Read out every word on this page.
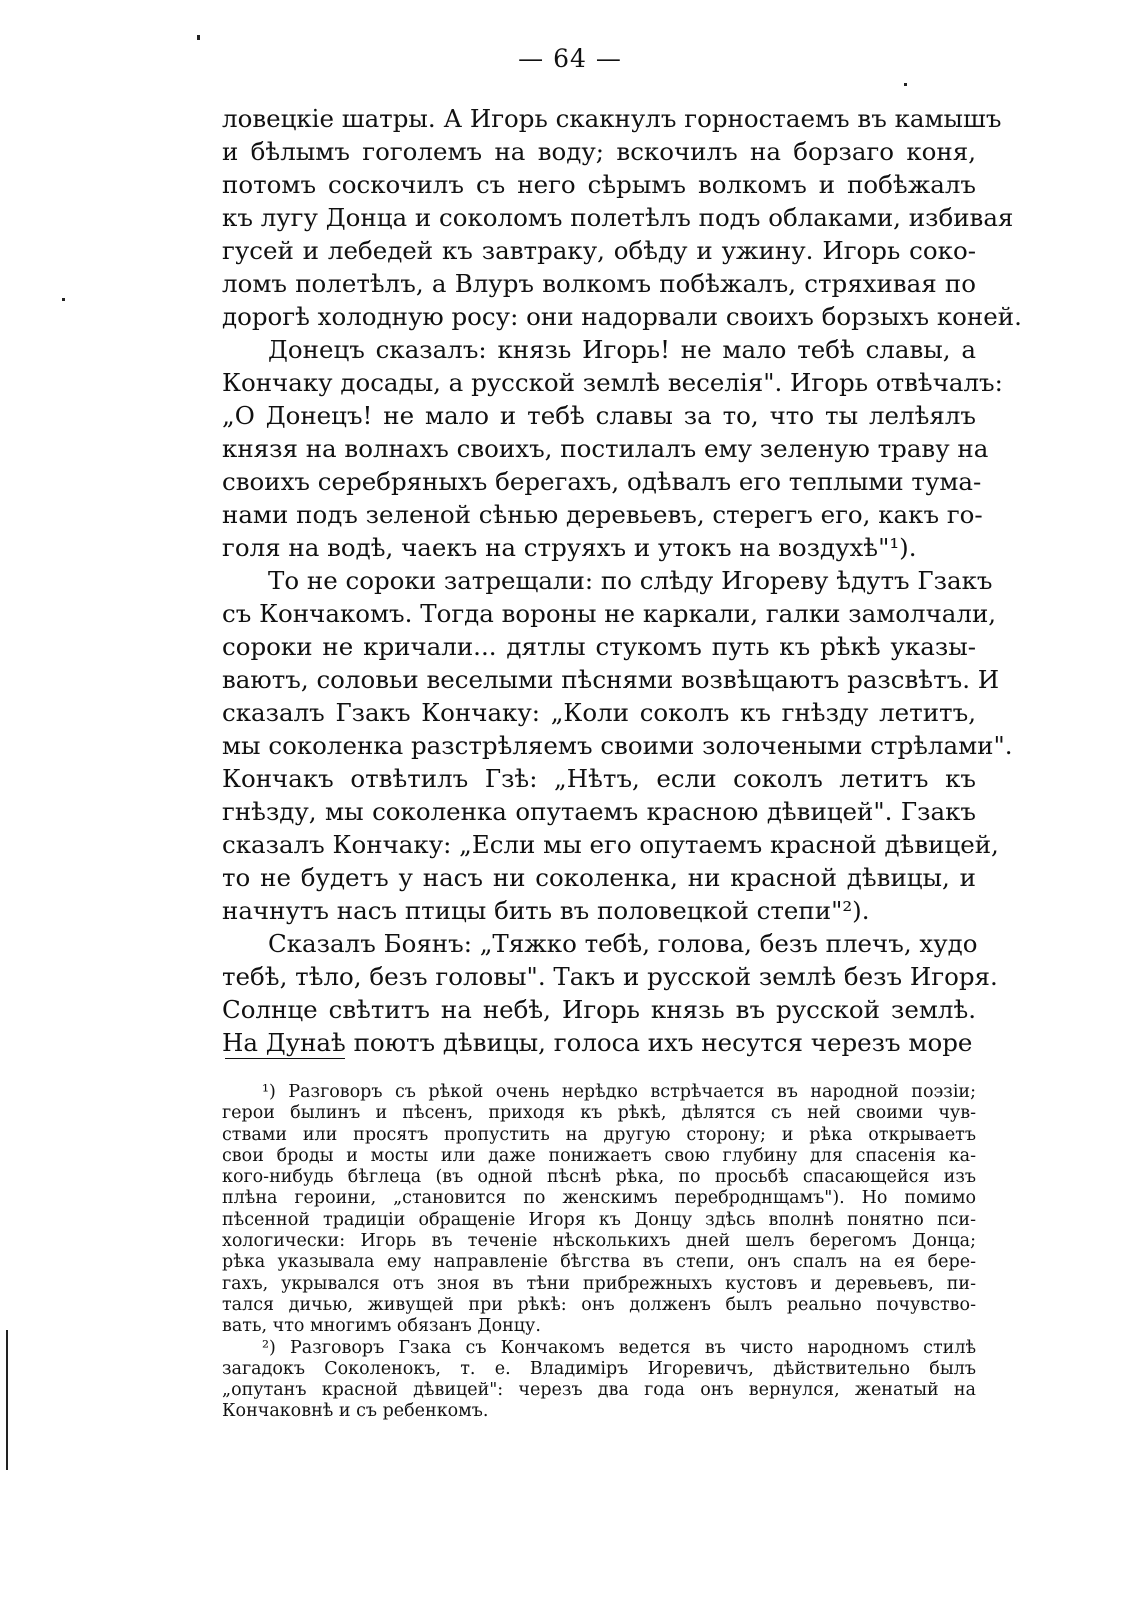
— 64 —
ловецкіе шатры. А Игорь скакнулъ горностаемъ въ камышъ
и бѣлымъ гоголемъ на воду; вскочилъ на борзаго коня,
потомъ соскочилъ съ него сѣрымъ волкомъ и побѣжалъ
къ лугу Донца и соколомъ полетѣлъ подъ облаками, избивая
гусей и лебедей къ завтраку, обѣду и ужину. Игорь соко-
ломъ полетѣлъ, а Влуръ волкомъ побѣжалъ, стряхивая по
дорогѣ холодную росу: они надорвали своихъ борзыхъ коней.
Донецъ сказалъ: князь Игорь! не мало тебѣ славы, а
Кончаку досады, а русской землѣ веселія". Игорь отвѣчалъ:
„О Донецъ! не мало и тебѣ славы за то, что ты лелѣялъ
князя на волнахъ своихъ, постилалъ ему зеленую траву на
своихъ серебряныхъ берегахъ, одѣвалъ его теплыми тума-
нами подъ зеленой сѣнью деревьевъ, стерегъ его, какъ го-
голя на водѣ, чаекъ на струяхъ и утокъ на воздухѣ"¹).
То не сороки затрещали: по слѣду Игореву ѣдутъ Гзакъ
съ Кончакомъ. Тогда вороны не каркали, галки замолчали,
сороки не кричали... дятлы стукомъ путь къ рѣкѣ указы-
ваютъ, соловьи веселыми пѣснями возвѣщаютъ разсвѣтъ. И
сказалъ Гзакъ Кончаку: „Коли соколъ къ гнѣзду летитъ,
мы соколенка разстрѣляемъ своими золочеными стрѣлами".
Кончакъ отвѣтилъ Гзѣ: „Нѣтъ, если соколъ летитъ къ
гнѣзду, мы соколенка опутаемъ красною дѣвицей". Гзакъ
сказалъ Кончаку: „Если мы его опутаемъ красной дѣвицей,
то не будетъ у насъ ни соколенка, ни красной дѣвицы, и
начнутъ насъ птицы бить въ половецкой степи"²).
Сказалъ Боянъ: „Тяжко тебѣ, голова, безъ плечъ, худо
тебѣ, тѣло, безъ головы". Такъ и русской землѣ безъ Игоря.
Солнце свѣтитъ на небѣ, Игорь князь въ русской землѣ.
На Дунаѣ поютъ дѣвицы, голоса ихъ несутся черезъ море
¹) Разговоръ съ рѣкой очень нерѣдко встрѣчается въ народной поэзіи;
герои былинъ и пѣсенъ, приходя къ рѣкѣ, дѣлятся съ ней своими чув-
ствами или просятъ пропустить на другую сторону; и рѣка открываетъ
свои броды и мосты или даже понижаетъ свою глубину для спасенія ка-
кого-нибудь бѣглеца (въ одной пѣснѣ рѣка, по просьбѣ спасающейся изъ
плѣна героини, „становится по женскимъ переброднщамъ"). Но помимо
пѣсенной традиціи обращеніе Игоря къ Донцу здѣсь вполнѣ понятно пси-
хологически: Игорь въ теченіе нѣсколькихъ дней шелъ берегомъ Донца;
рѣка указывала ему направленіе бѣгства въ степи, онъ спалъ на ея бере-
гахъ, укрывался отъ зноя въ тѣни прибрежныхъ кустовъ и деревьевъ, пи-
тался дичью, живущей при рѣкѣ: онъ долженъ былъ реально почувство-
вать, что многимъ обязанъ Донцу.
²) Разговоръ Гзака съ Кончакомъ ведется въ чисто народномъ стилѣ
загадокъ Соколенокъ, т. е. Владиміръ Игоревичъ, дѣйствительно былъ
„опутанъ красной дѣвицей": черезъ два года онъ вернулся, женатый на
Кончаковнѣ и съ ребенкомъ.
